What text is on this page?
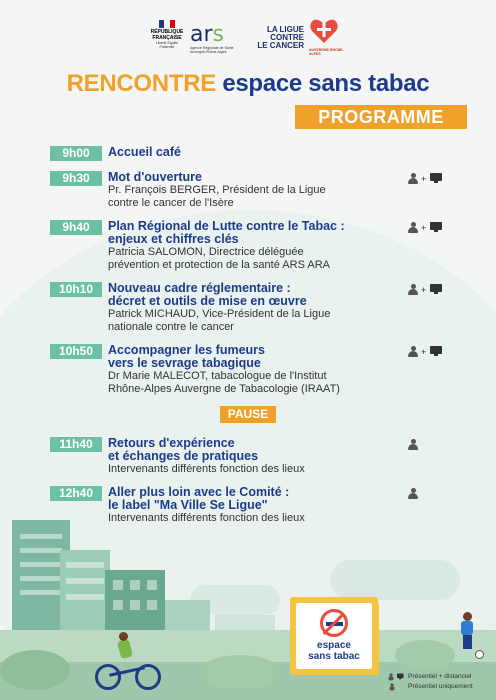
RÉPUBLIQUE
FRANÇAISE
Liberté Égalité Fraternité ars
Agence Régionale de Santé Auvergne-Rhône-Alpes
LA LIGUE
CONTRE
LE CANCER AUVERGNE-RHÔNE-ALPES
RENCONTRE espace sans tabac
PROGRAMME
9h00	Accueil café
9h30	Mot d'ouverture
Pr. François BERGER, Président de la Ligue
contre le cancer de l'Isère
+
9h40	Plan Régional de Lutte contre le Tabac :
enjeux et chiffres clés
Patricia SALOMON, Directrice déléguée
prévention et protection de la santé ARS ARA
+
10h10	Nouveau cadre réglementaire :
décret et outils de mise en œuvre
Patrick MICHAUD, Vice-Président de la Ligue
nationale contre le cancer
+
10h50	Accompagner les fumeurs
vers le sevrage tabagique
Dr Marie MALECOT, tabacologue de l'Institut
Rhône-Alpes Auvergne de Tabacologie (IRAAT)
+
PAUSE
11h40	Retours d'expérience
et échanges de pratiques
Intervenants différents fonction des lieux
12h40	Aller plus loin avec le Comité :
le label "Ma Ville Se Ligue"
Intervenants différents fonction des lieux
espace
sans tabac
Présentiel + distanciel
Présentiel uniquement
